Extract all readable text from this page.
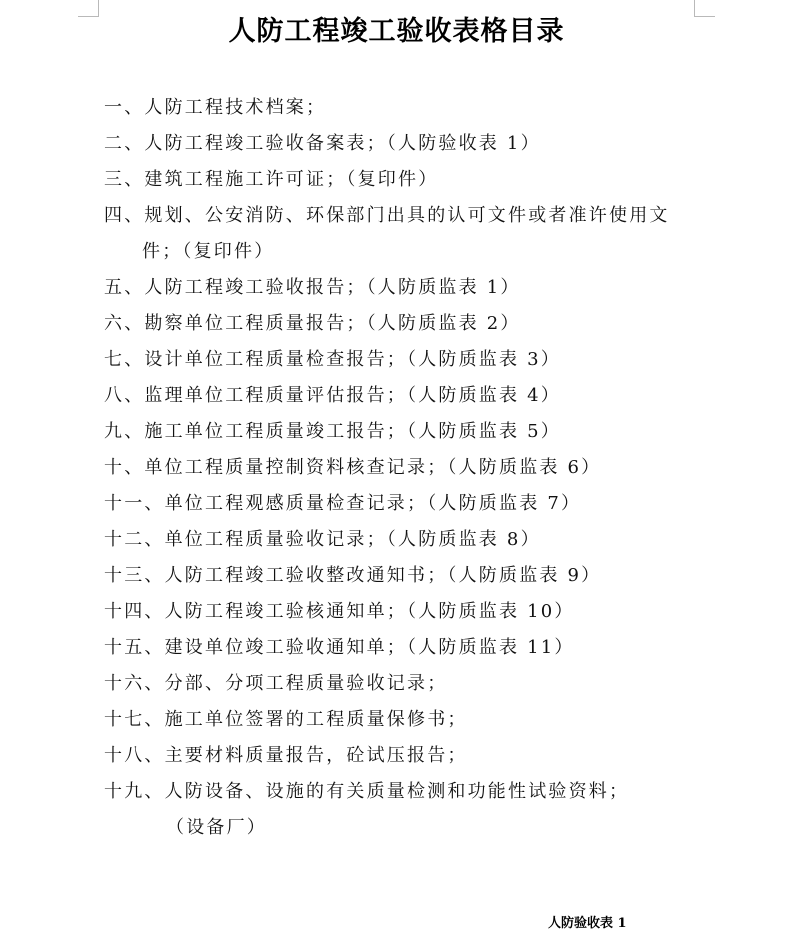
人防工程竣工验收表格目录
一、人防工程技术档案；
二、人防工程竣工验收备案表；（人防验收表 1）
三、建筑工程施工许可证；（复印件）
四、规划、公安消防、环保部门出具的认可文件或者准许使用文
件；（复印件）
五、人防工程竣工验收报告；（人防质监表 1）
六、勘察单位工程质量报告；（人防质监表 2）
七、设计单位工程质量检查报告；（人防质监表 3）
八、监理单位工程质量评估报告；（人防质监表 4）
九、施工单位工程质量竣工报告；（人防质监表 5）
十、单位工程质量控制资料核查记录；（人防质监表 6）
十一、单位工程观感质量检查记录；（人防质监表 7）
十二、单位工程质量验收记录；（人防质监表 8）
十三、人防工程竣工验收整改通知书；（人防质监表 9）
十四、人防工程竣工验核通知单；（人防质监表 10）
十五、建设单位竣工验收通知单；（人防质监表 11）
十六、分部、分项工程质量验收记录；
十七、施工单位签署的工程质量保修书；
十八、主要材料质量报告，砼试压报告；
十九、人防设备、设施的有关质量检测和功能性试验资料；
（设备厂）
人防验收表 1
